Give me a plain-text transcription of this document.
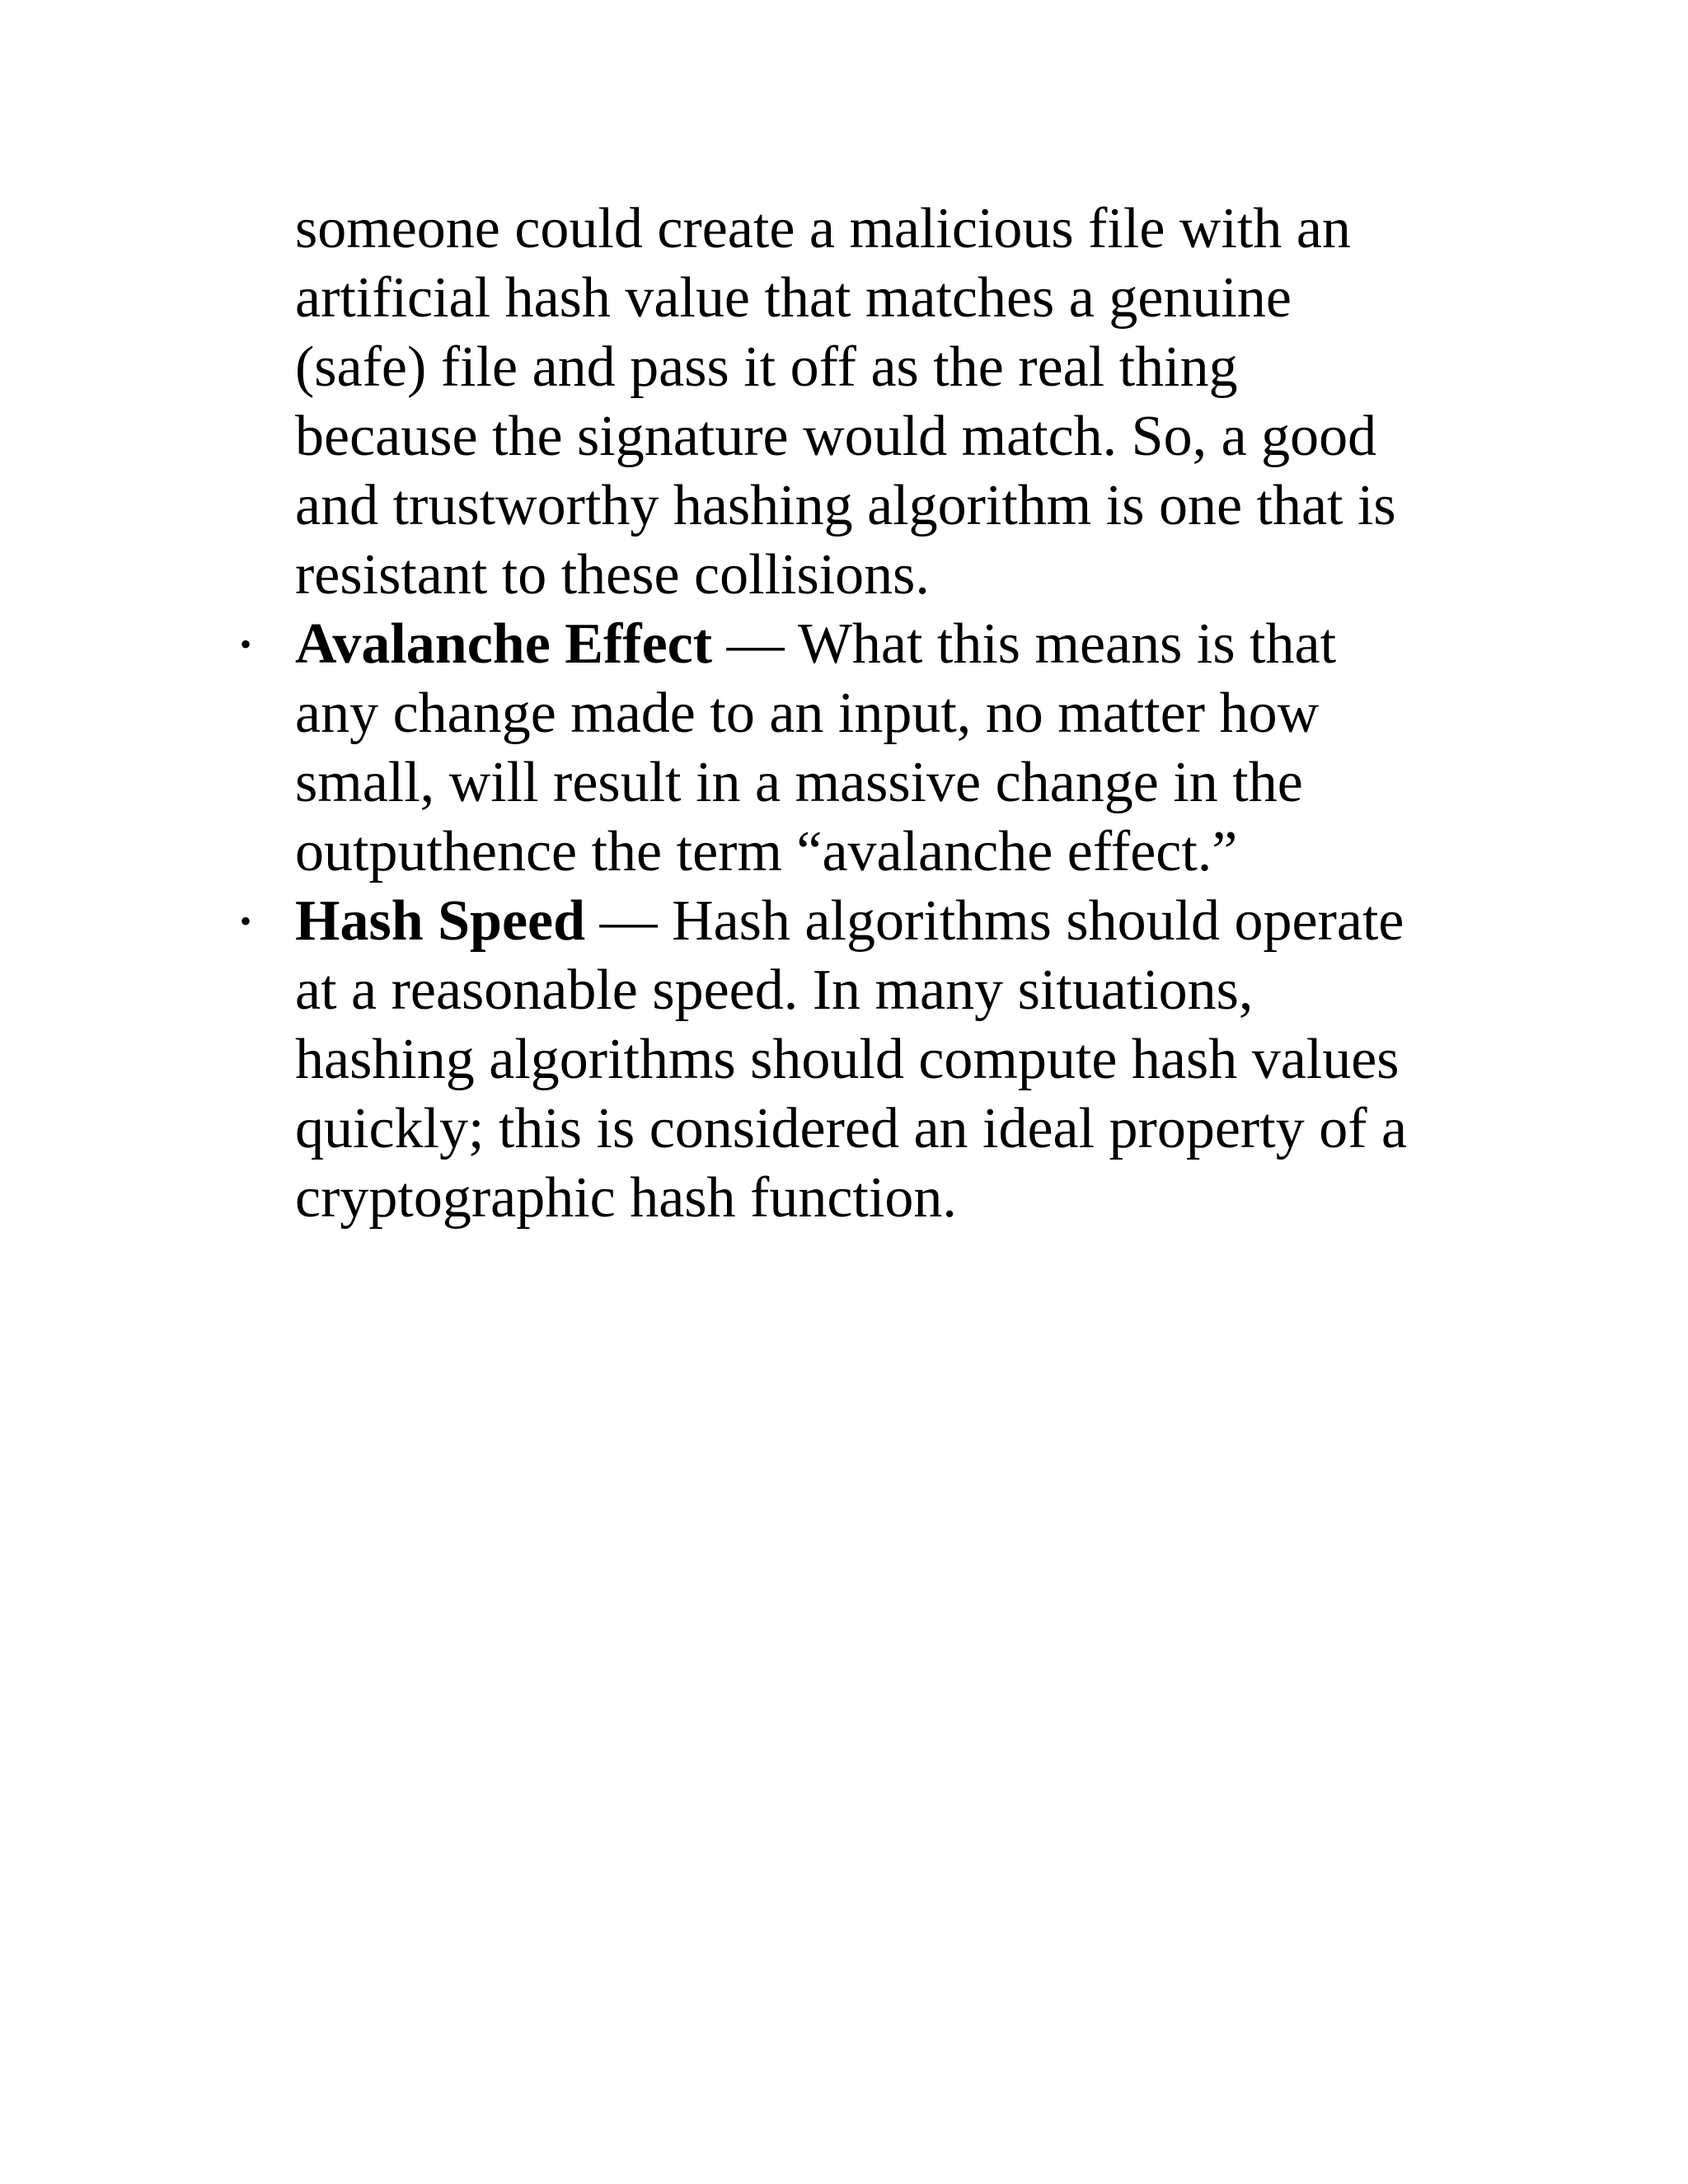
someone could create a malicious file with an
artificial hash value that matches a genuine
(safe) file and pass it off as the real thing
because the signature would match. So, a good
and trustworthy hashing algorithm is one that is
resistant to these collisions.
• Avalanche Effect — What this means is that
any change made to an input, no matter how
small, will result in a massive change in the
outputhence the term “avalanche effect.”
• Hash Speed — Hash algorithms should operate
at a reasonable speed. In many situations,
hashing algorithms should compute hash values
quickly; this is considered an ideal property of a
cryptographic hash function.
